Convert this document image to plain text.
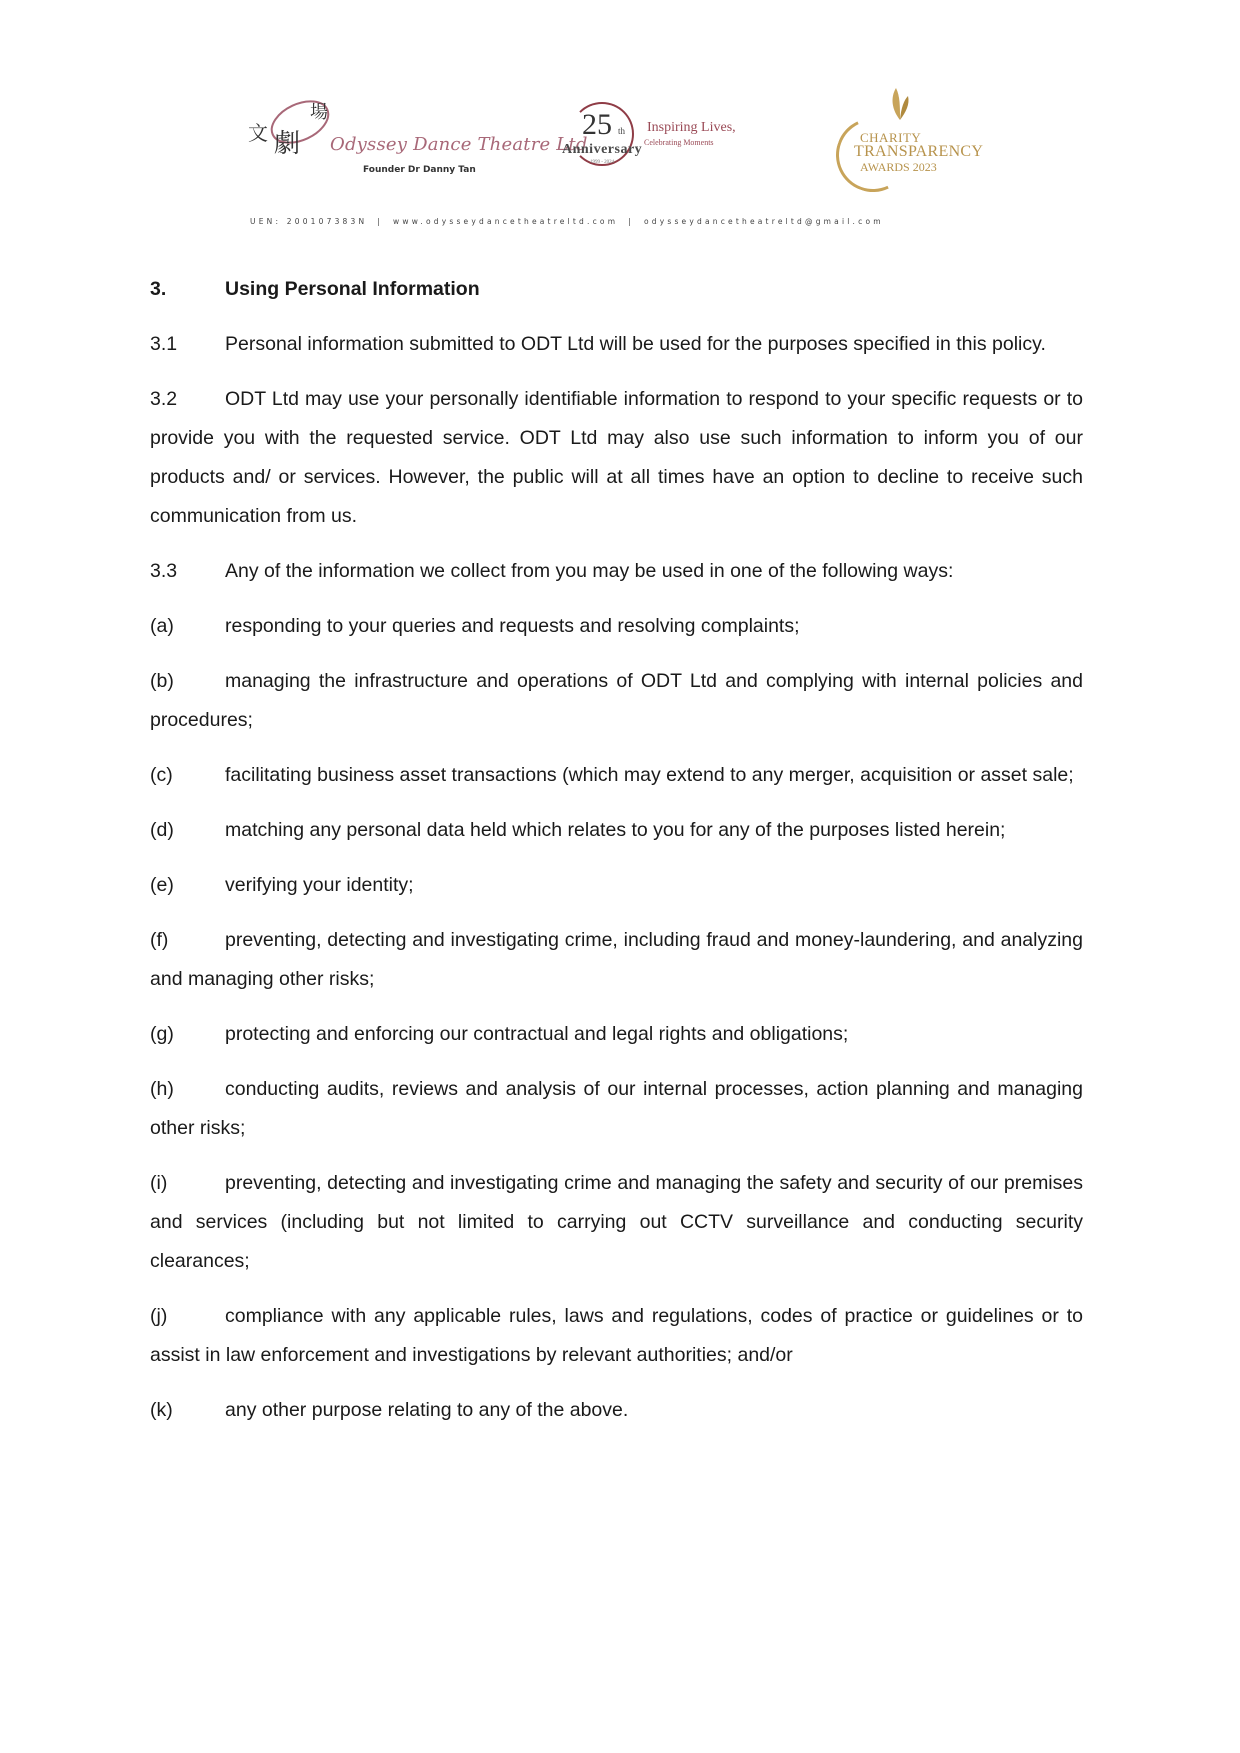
文 劇
場
Odyssey Dance Theatre Ltd
Founder Dr Danny Tan
25 th
Anniversary
1999 - 2024
Inspiring Lives,
Celebrating Moments	CHARITY
TRANSPARENCY
AWARDS 2023
UEN: 200107383N | www.odysseydancetheatreltd.com | odysseydancetheatreltd@gmail.com
3.	Using Personal Information

3.1 Personal information submitted to ODT Ltd will be used for the purposes specified in this policy.

3.2 ODT Ltd may use your personally identifiable information to respond to your specific requests or to provide you with the requested service. ODT Ltd may also use such information to inform you of our products and/ or services. However, the public will at all times have an option to decline to receive such communication from us.

3.3 Any of the information we collect from you may be used in one of the following ways:

(a)	responding to your queries and requests and resolving complaints;

(b)	managing the infrastructure and operations of ODT Ltd and complying with internal policies and procedures;

(c)	facilitating business asset transactions (which may extend to any merger, acquisition or asset sale;

(d)	matching any personal data held which relates to you for any of the purposes listed herein;

(e)	verifying your identity;

(f)	preventing, detecting and investigating crime, including fraud and money-laundering, and analyzing and managing other risks;

(g)	protecting and enforcing our contractual and legal rights and obligations;

(h)	conducting audits, reviews and analysis of our internal processes, action planning and managing other risks;

(i)	preventing, detecting and investigating crime and managing the safety and security of our premises and services (including but not limited to carrying out CCTV surveillance and conducting security clearances;

(j)	compliance with any applicable rules, laws and regulations, codes of practice or guidelines or to assist in law enforcement and investigations by relevant authorities; and/or

(k)	any other purpose relating to any of the above.
